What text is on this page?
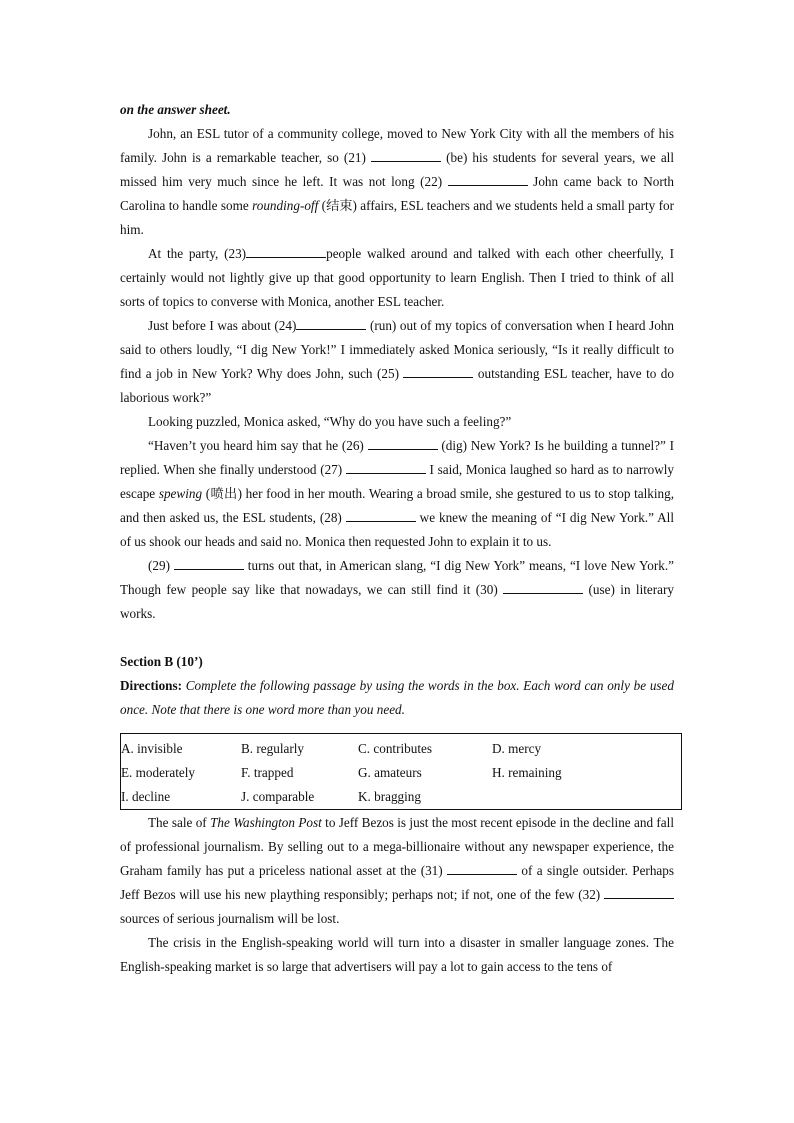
on the answer sheet.

John, an ESL tutor of a community college, moved to New York City with all the members of his family. John is a remarkable teacher, so (21)	(be) his students for several years, we all missed him very much since he left. It was not long (22)	John came back to North Carolina to handle some rounding-off (结束) affairs, ESL teachers and we students held a small party for him.

At the party, (23)	people walked around and talked with each other cheerfully, I certainly would not lightly give up that good opportunity to learn English. Then I tried to think of all sorts of topics to converse with Monica, another ESL teacher.

Just before I was about (24)	(run) out of my topics of conversation when I heard John said to others loudly, “I dig New York!” I immediately asked Monica seriously, “Is it really difficult to find a job in New York? Why does John, such (25)	outstanding ESL teacher, have to do laborious work?”

Looking puzzled, Monica asked, “Why do you have such a feeling?”

“Haven’t you heard him say that he (26)	(dig) New York? Is he building a tunnel?” I replied. When she finally understood (27)	I said, Monica laughed so hard as to narrowly escape spewing (喷出) her food in her mouth. Wearing a broad smile, she gestured to us to stop talking, and then asked us, the ESL students, (28)	we knew the meaning of “I dig New York.” All of us shook our heads and said no. Monica then requested John to explain it to us.

(29)	turns out that, in American slang, “I dig New York” means, “I love New York.” Though few people say like that nowadays, we can still find it (30)	(use) in literary works.

Section B (10’)

Directions: Complete the following passage by using the words in the box. Each word can only be used once. Note that there is one word more than you need.

A. invisible	B. regularly	C. contributes	D. mercy
E. moderately	F. trapped	G. amateurs	H. remaining
I. decline	J. comparable	K. bragging

The sale of The Washington Post to Jeff Bezos is just the most recent episode in the decline and fall of professional journalism. By selling out to a mega-billionaire without any newspaper experience, the Graham family has put a priceless national asset at the (31)	of a single outsider. Perhaps Jeff Bezos will use his new plaything responsibly; perhaps not; if not, one of the few (32)  sources of serious journalism will be lost.

The crisis in the English-speaking world will turn into a disaster in smaller language zones. The English-speaking market is so large that advertisers will pay a lot to gain access to the tens of
